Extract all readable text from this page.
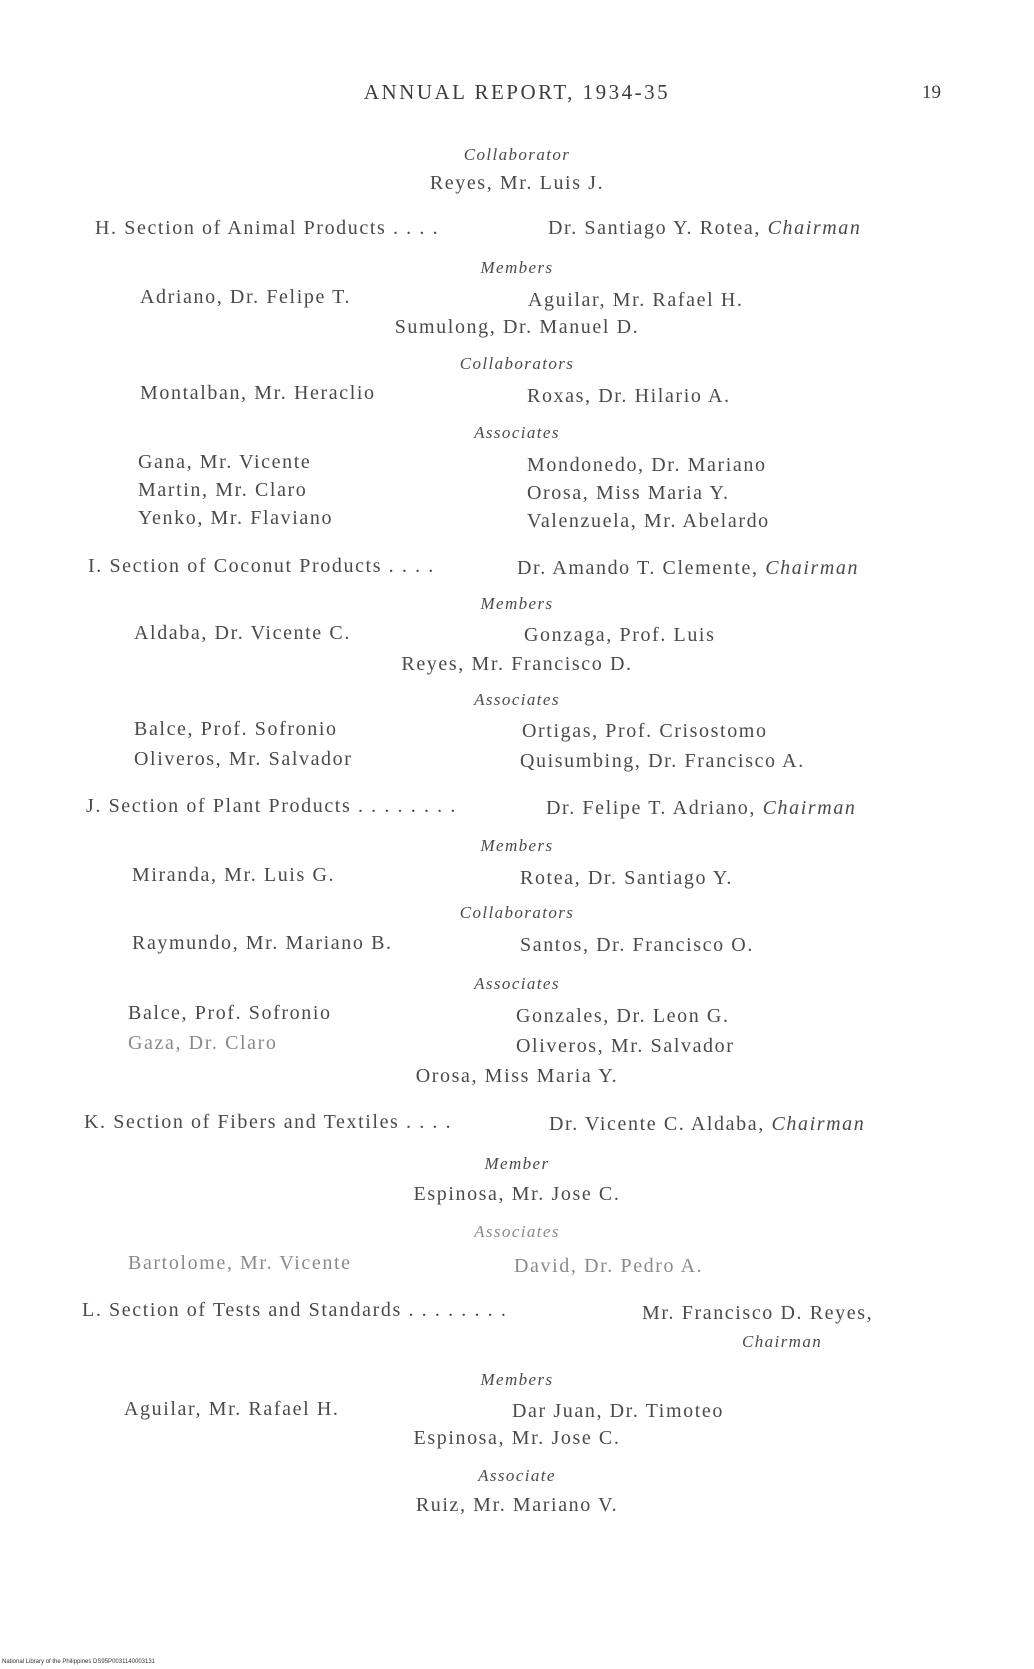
ANNUAL REPORT, 1934-35	19
Collaborator
Reyes, Mr. Luis J.
H. Section of Animal Products . . . .	Dr. Santiago Y. Rotea, Chairman
Members
Adriano, Dr. Felipe T.	Aguilar, Mr. Rafael H.
Sumulong, Dr. Manuel D.
Collaborators
Montalban, Mr. Heraclio	Roxas, Dr. Hilario A.
Associates
Gana, Mr. Vicente	Mondonedo, Dr. Mariano
Martin, Mr. Claro	Orosa, Miss Maria Y.
Yenko, Mr. Flaviano	Valenzuela, Mr. Abelardo
I. Section of Coconut Products . . . .	Dr. Amando T. Clemente, Chairman
Members
Aldaba, Dr. Vicente C.	Gonzaga, Prof. Luis
Reyes, Mr. Francisco D.
Associates
Balce, Prof. Sofronio	Ortigas, Prof. Crisostomo
Oliveros, Mr. Salvador	Quisumbing, Dr. Francisco A.
J. Section of Plant Products . . . . . . . .	Dr. Felipe T. Adriano, Chairman
Members
Miranda, Mr. Luis G.	Rotea, Dr. Santiago Y.
Collaborators
Raymundo, Mr. Mariano B.	Santos, Dr. Francisco O.
Associates
Balce, Prof. Sofronio	Gonzales, Dr. Leon G.
Gaza, Dr. Claro	Oliveros, Mr. Salvador
Orosa, Miss Maria Y.
K. Section of Fibers and Textiles . . . .	Dr. Vicente C. Aldaba, Chairman
Member
Espinosa, Mr. Jose C.
Associates
Bartolome, Mr. Vicente	David, Dr. Pedro A.
L. Section of Tests and Standards . . . . . . . .	Mr. Francisco D. Reyes,
Chairman
Members
Aguilar, Mr. Rafael H.	Dar Juan, Dr. Timoteo
Espinosa, Mr. Jose C.
Associate
Ruiz, Mr. Mariano V.
National Library of the Philippines DS95P0031140003131
